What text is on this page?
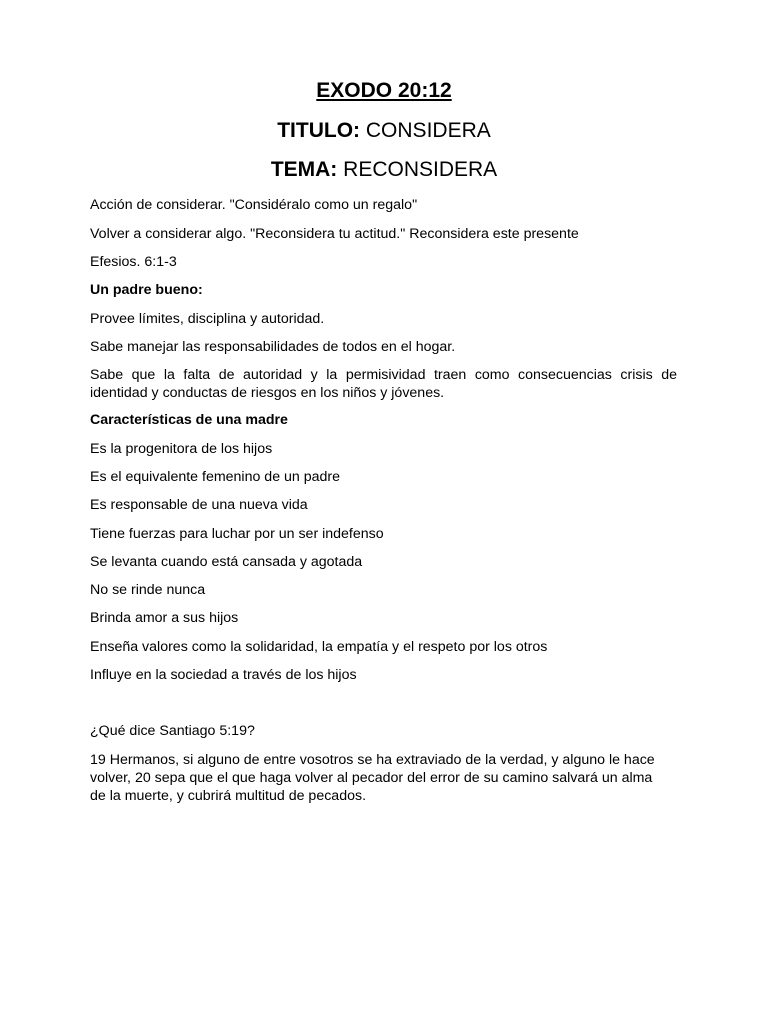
EXODO 20:12
TITULO: CONSIDERA
TEMA: RECONSIDERA

Acción de considerar. "Considéralo como un regalo"

Volver a considerar algo. "Reconsidera tu actitud." Reconsidera este presente

Efesios. 6:1-3

Un padre bueno:

Provee límites, disciplina y autoridad.

Sabe manejar las responsabilidades de todos en el hogar.

Sabe que la falta de autoridad y la permisividad traen como consecuencias crisis de identidad y conductas de riesgos en los niños y jóvenes.

Características de una madre

Es la progenitora de los hijos

Es el equivalente femenino de un padre

Es responsable de una nueva vida

Tiene fuerzas para luchar por un ser indefenso

Se levanta cuando está cansada y agotada

No se rinde nunca

Brinda amor a sus hijos

Enseña valores como la solidaridad, la empatía y el respeto por los otros

Influye en la sociedad a través de los hijos

¿Qué dice Santiago 5:19?

19 Hermanos, si alguno de entre vosotros se ha extraviado de la verdad, y alguno le hace volver, 20 sepa que el que haga volver al pecador del error de su camino salvará un alma de la muerte, y cubrirá multitud de pecados.
